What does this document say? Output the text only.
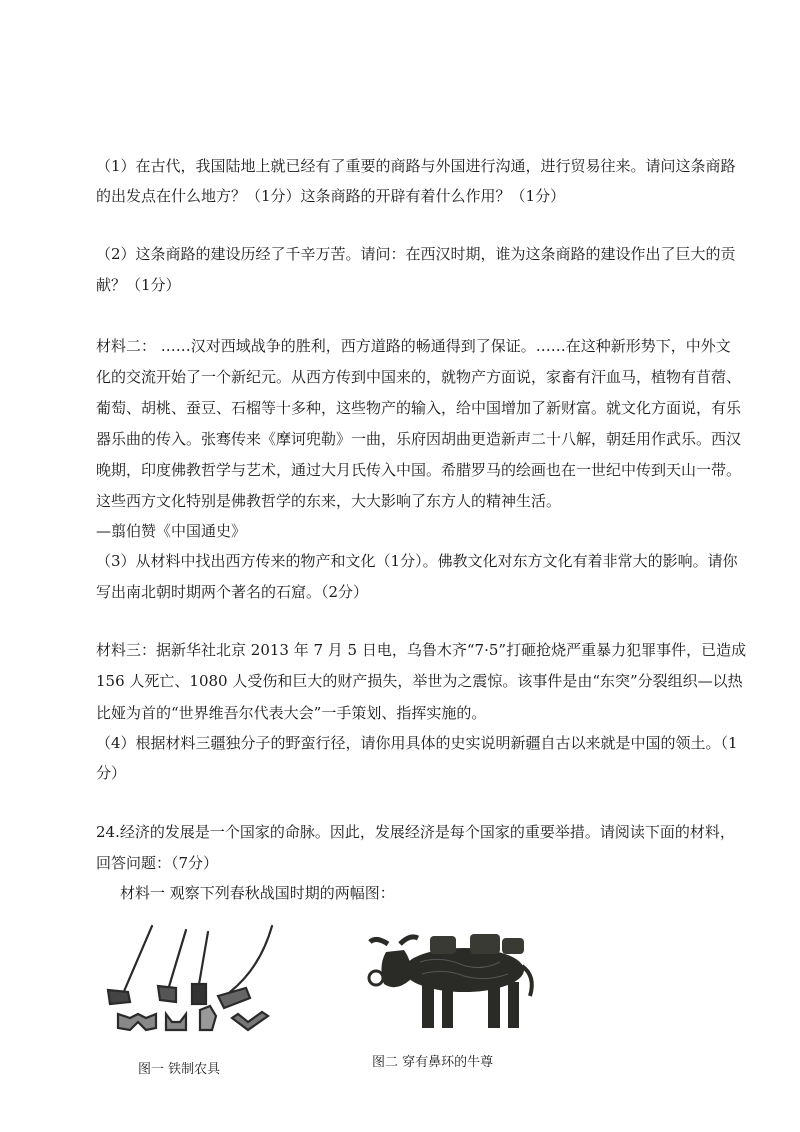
（1）在古代，我国陆地上就已经有了重要的商路与外国进行沟通，进行贸易往来。请问这条商路
的出发点在什么地方？（1分）这条商路的开辟有着什么作用？（1分）
（2）这条商路的建设历经了千辛万苦。请问：在西汉时期，谁为这条商路的建设作出了巨大的贡
献？（1分）
材料二： ……汉对西域战争的胜利，西方道路的畅通得到了保证。……在这种新形势下，中外文
化的交流开始了一个新纪元。从西方传到中国来的，就物产方面说，家畜有汗血马，植物有苜蓿、
葡萄、胡桃、蚕豆、石榴等十多种，这些物产的输入，给中国增加了新财富。就文化方面说，有乐
器乐曲的传入。张骞传来《摩诃兜勒》一曲，乐府因胡曲更造新声二十八解，朝廷用作武乐。西汉
晚期，印度佛教哲学与艺术，通过大月氏传入中国。希腊罗马的绘画也在一世纪中传到天山一带。
这些西方文化特别是佛教哲学的东来，大大影响了东方人的精神生活。
—翦伯赞《中国通史》
（3）从材料中找出西方传来的物产和文化（1分）。佛教文化对东方文化有着非常大的影响。请你
写出南北朝时期两个著名的石窟。（2分）
材料三：据新华社北京 2013 年 7 月 5 日电，乌鲁木齐“7·5”打砸抢烧严重暴力犯罪事件，已造成
156 人死亡、1080 人受伤和巨大的财产损失，举世为之震惊。该事件是由“东突”分裂组织—以热
比娅为首的“世界维吾尔代表大会”一手策划、指挥实施的。
（4）根据材料三疆独分子的野蛮行径，请你用具体的史实说明新疆自古以来就是中国的领土。（1
分）
24.经济的发展是一个国家的命脉。因此，发展经济是每个国家的重要举措。请阅读下面的材料，
回答问题：（7分）
材料一 观察下列春秋战国时期的两幅图：
图一 铁制农具	图二 穿有鼻环的牛尊
